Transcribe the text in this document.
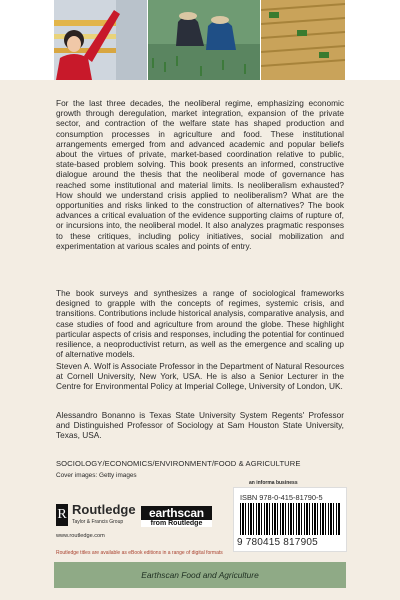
For the last three decades, the neoliberal regime, emphasizing economic growth through deregulation, market integration, expansion of the private sector, and contraction of the welfare state has shaped production and consumption processes in agriculture and food. These institutional arrangements emerged from and advanced academic and popular beliefs about the virtues of private, market-based coordination relative to public, state-based problem solving. This book presents an informed, constructive dialogue around the thesis that the neoliberal mode of governance has reached some institutional and material limits. Is neoliberalism exhausted? How should we understand crisis applied to neoliberalism? What are the opportunities and risks linked to the construction of alternatives? The book advances a critical evaluation of the evidence supporting claims of rupture of, or incursions into, the neoliberal model. It also analyzes pragmatic responses to these critiques, including policy initiatives, social mobilization and experimentation at various scales and points of entry.

The book surveys and synthesizes a range of sociological frameworks designed to grapple with the concepts of regimes, systemic crisis, and transitions. Contributions include historical analysis, comparative analysis, and case studies of food and agriculture from around the globe. These highlight particular aspects of crisis and responses, including the potential for continued resilience, a neoproductivist return, as well as the emergence and scaling up of alternative models.

Steven A. Wolf is Associate Professor in the Department of Natural Resources at Cornell University, New York, USA. He is also a Senior Lecturer in the Centre for Environmental Policy at Imperial College, University of London, UK.

Alessandro Bonanno is Texas State University System Regents' Professor and Distinguished Professor of Sociology at Sam Houston State University, Texas, USA.

SOCIOLOGY/ECONOMICS/ENVIRONMENT/FOOD & AGRICULTURE
Cover images: Getty images
an informa business
ISBN 978-0-415-81790-5
9 780415 817905
R Routledge
Taylor & Francis Group
www.routledge.com
earthscan
from Routledge
Routledge titles are available as eBook editions in a range of digital formats
Earthscan Food and Agriculture
